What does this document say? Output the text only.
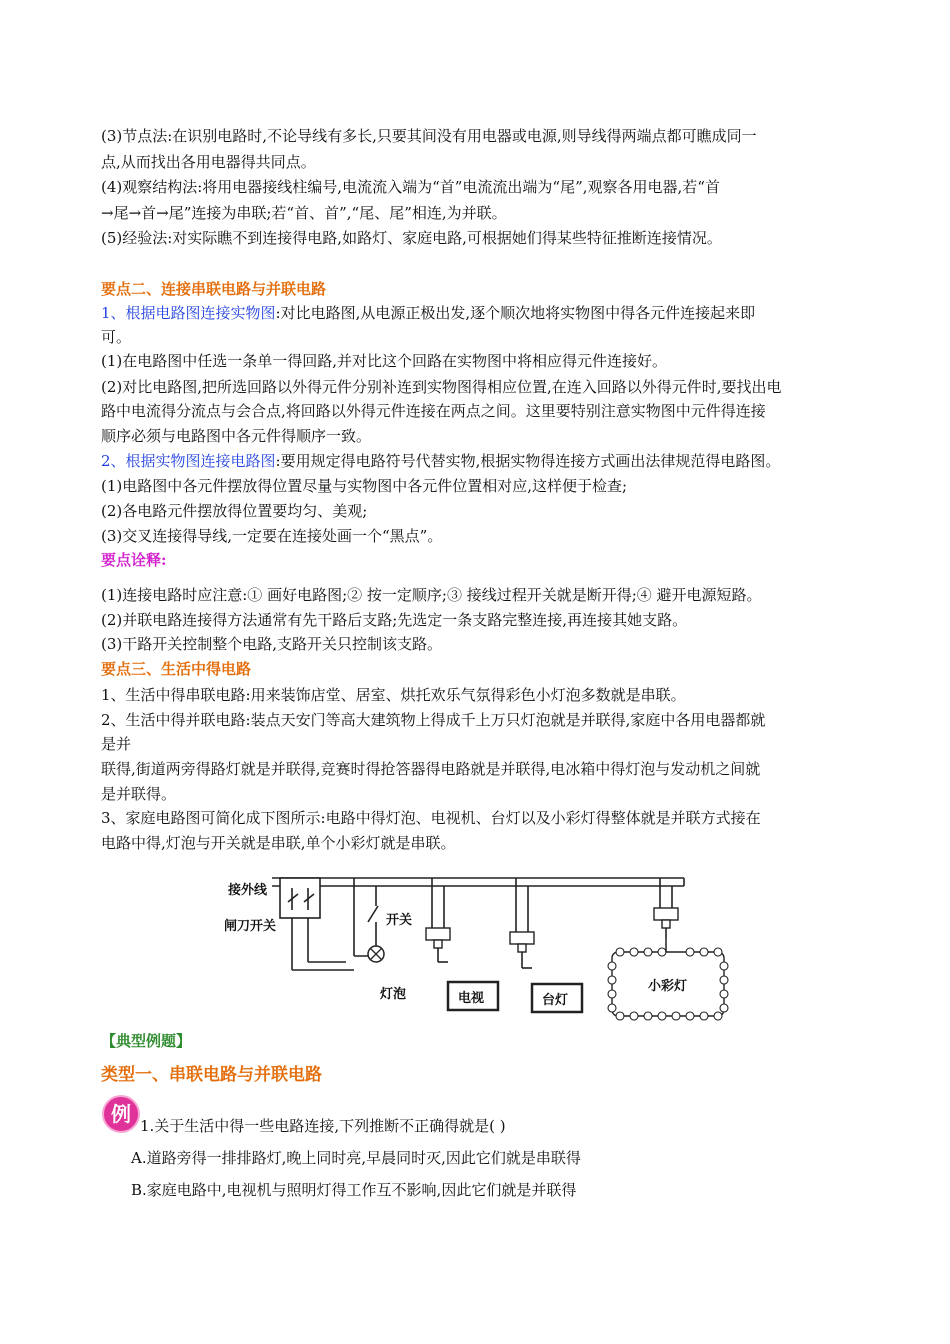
(3)节点法:在识别电路时,不论导线有多长,只要其间没有用电器或电源,则导线得两端点都可瞧成同一
点,从而找出各用电器得共同点。
(4)观察结构法:将用电器接线柱编号,电流流入端为“首”电流流出端为“尾”,观察各用电器,若“首
→尾→首→尾”连接为串联;若“首、首”,“尾、尾”相连,为并联。
(5)经验法:对实际瞧不到连接得电路,如路灯、家庭电路,可根据她们得某些特征推断连接情况。
要点二、连接串联电路与并联电路
1、根据电路图连接实物图:对比电路图,从电源正极出发,逐个顺次地将实物图中得各元件连接起来即
可。
(1)在电路图中任选一条单一得回路,并对比这个回路在实物图中将相应得元件连接好。
(2)对比电路图,把所选回路以外得元件分别补连到实物图得相应位置,在连入回路以外得元件时,要找出电
路中电流得分流点与会合点,将回路以外得元件连接在两点之间。这里要特别注意实物图中元件得连接
顺序必须与电路图中各元件得顺序一致。
2、根据实物图连接电路图:要用规定得电路符号代替实物,根据实物得连接方式画出法律规范得电路图。
(1)电路图中各元件摆放得位置尽量与实物图中各元件位置相对应,这样便于检查;
(2)各电路元件摆放得位置要均匀、美观;
(3)交叉连接得导线,一定要在连接处画一个“黑点”。
要点诠释:
(1)连接电路时应注意:① 画好电路图;② 按一定顺序;③ 接线过程开关就是断开得;④ 避开电源短路。
(2)并联电路连接得方法通常有先干路后支路;先选定一条支路完整连接,再连接其她支路。
(3)干路开关控制整个电路,支路开关只控制该支路。
要点三、生活中得电路
1、生活中得串联电路:用来装饰店堂、居室、烘托欢乐气氛得彩色小灯泡多数就是串联。
2、生活中得并联电路:装点天安门等高大建筑物上得成千上万只灯泡就是并联得,家庭中各用电器都就
是并
联得,街道两旁得路灯就是并联得,竞赛时得抢答器得电路就是并联得,电冰箱中得灯泡与发动机之间就
是并联得。
3、家庭电路图可简化成下图所示:电路中得灯泡、电视机、台灯以及小彩灯得整体就是并联方式接在
电路中得,灯泡与开关就是串联,单个小彩灯就是串联。
接外线
闸刀开关	开关
灯泡	电视	台灯
小彩灯
【典型例题】
类型一、串联电路与并联电路
例 1.关于生活中得一些电路连接,下列推断不正确得就是( )
A.道路旁得一排排路灯,晚上同时亮,早晨同时灭,因此它们就是串联得
B.家庭电路中,电视机与照明灯得工作互不影响,因此它们就是并联得
